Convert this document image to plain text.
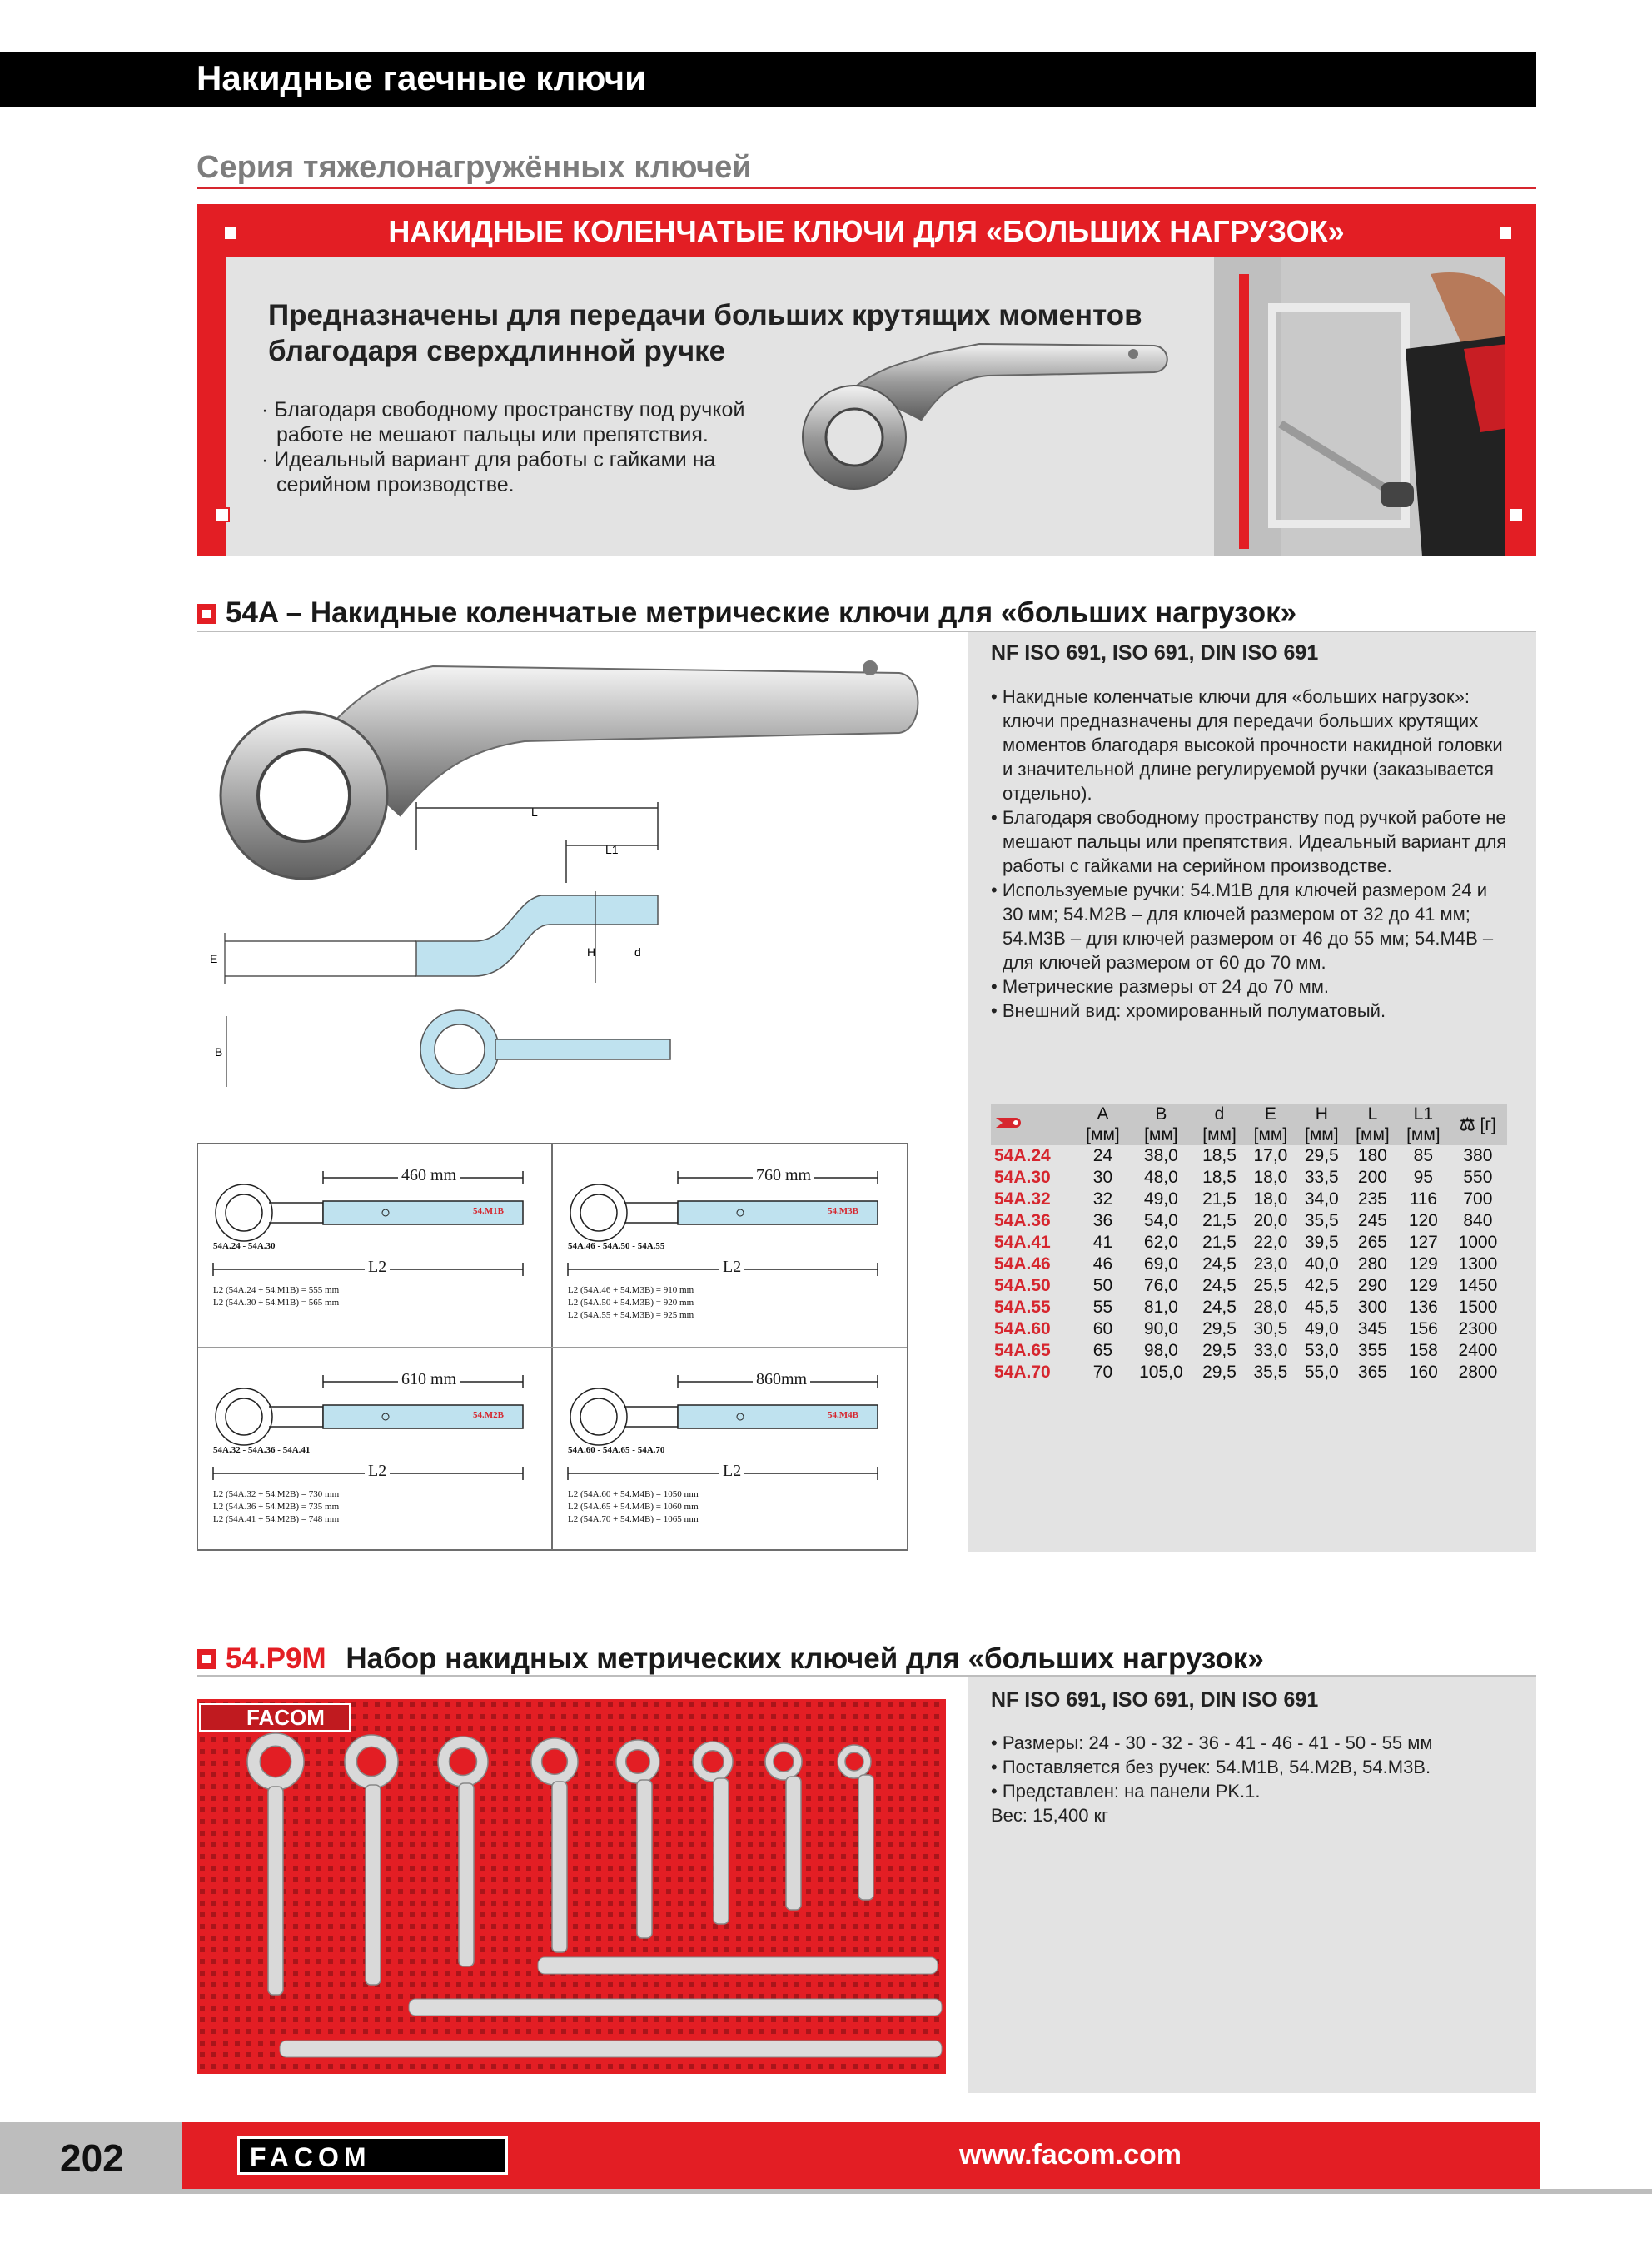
Накидные гаечные ключи
Серия тяжелонагружённых ключей
НАКИДНЫЕ КОЛЕНЧАТЫЕ КЛЮЧИ ДЛЯ «БОЛЬШИХ НАГРУЗОК»
Предназначены для передачи больших крутящих моментов
благодаря сверхдлинной ручке
· Благодаря свободному пространству под ручкой работе не мешают пальцы или препятствия.
· Идеальный вариант для работы с гайками на серийном производстве.
54A – Накидные коленчатые метрические ключи для «больших нагрузок»
NF ISO 691, ISO 691, DIN ISO 691
• Накидные коленчатые ключи для «больших нагрузок»: ключи предназначены для передачи больших крутящих моментов благодаря высокой прочности накидной головки и значительной длине регулируемой ручки (заказывается отдельно).
• Благодаря свободному пространству под ручкой работе не мешают пальцы или препятствия. Идеальный вариант для работы с гайками на серийном производстве.
• Используемые ручки: 54.M1B для ключей размером 24 и 30 мм; 54.M2B – для ключей размером от 32 до 41 мм; 54.M3B – для ключей размером от 46 до 55 мм; 54.M4B – для ключей размером от 60 до 70 мм.
• Метрические размеры от 24 до 70 мм.
• Внешний вид: хромированный полуматовый.
L
L1
E	H	d
B
	A	B	d	E	H	L	L1	⚖ [г]
	[мм]	[мм]	[мм]	[мм]	[мм]	[мм]	[мм]	
54A.24	24	38,0	18,5	17,0	29,5	180	85	380
54A.30	30	48,0	18,5	18,0	33,5	200	95	550
54A.32	32	49,0	21,5	18,0	34,0	235	116	700
54A.36	36	54,0	21,5	20,0	35,5	245	120	840
54A.41	41	62,0	21,5	22,0	39,5	265	127	1000
54A.46	46	69,0	24,5	23,0	40,0	280	129	1300
54A.50	50	76,0	24,5	25,5	42,5	290	129	1450
54A.55	55	81,0	24,5	28,0	45,5	300	136	1500
54A.60	60	90,0	29,5	30,5	49,0	345	156	2300
54A.65	65	98,0	29,5	33,0	53,0	355	158	2400
54A.70	70	105,0	29,5	35,5	55,0	365	160	2800
460 mm
54.M1B
54A.24 - 54A.30
L2
L2 (54A.24 + 54.M1B) = 555 mm
L2 (54A.30 + 54.M1B) = 565 mm
760 mm
54.M3B
54A.46 - 54A.50 - 54A.55
L2
L2 (54A.46 + 54.M3B) = 910 mm
L2 (54A.50 + 54.M3B) = 920 mm
L2 (54A.55 + 54.M3B) = 925 mm
610 mm
54.M2B
54A.32 - 54A.36 - 54A.41
L2
L2 (54A.32 + 54.M2B) = 730 mm
L2 (54A.36 + 54.M2B) = 735 mm
L2 (54A.41 + 54.M2B) = 748 mm
860mm
54.M4B
54A.60 - 54A.65 - 54A.70
L2
L2 (54A.60 + 54.M4B) = 1050 mm
L2 (54A.65 + 54.M4B) = 1060 mm
L2 (54A.70 + 54.M4B) = 1065 mm
54.P9M Набор накидных метрических ключей для «больших нагрузок»
NF ISO 691, ISO 691, DIN ISO 691
• Размеры: 24 - 30 - 32 - 36 - 41 - 46 - 41 - 50 - 55 мм
• Поставляется без ручек: 54.M1B, 54.M2B, 54.M3B.
• Представлен: на панели PK.1.
Вес: 15,400 кг
FACOM
202	FACOM	www.facom.com
